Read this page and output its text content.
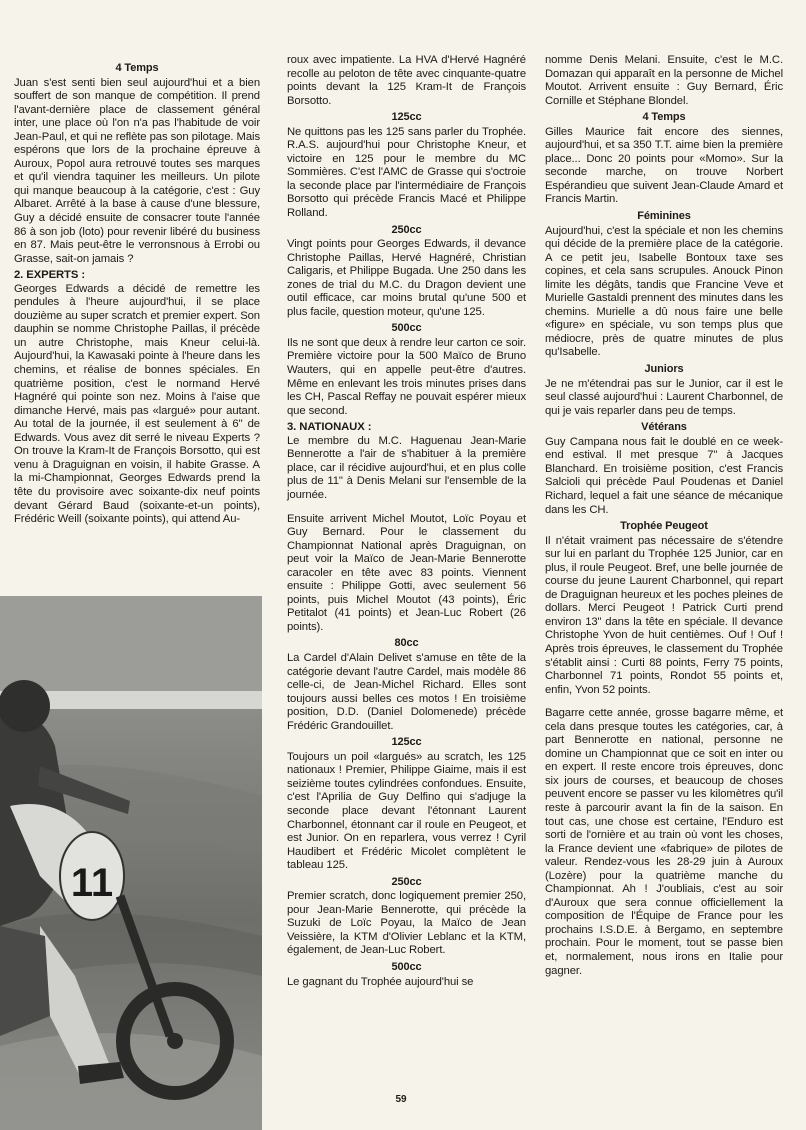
4 Temps

Juan s'est senti bien seul aujourd'hui et a bien souffert de son manque de compétition. Il prend l'avant-dernière place de classement général inter, une place où l'on n'a pas l'habitude de voir Jean-Paul, et qui ne reflète pas son pilotage. Mais espérons que lors de la prochaine épreuve à Auroux, Popol aura retrouvé toutes ses marques et qu'il viendra taquiner les meilleurs. Un pilote qui manque beaucoup à la catégorie, c'est : Guy Albaret. Arrêté à la base à cause d'une blessure, Guy a décidé ensuite de consacrer toute l'année 86 à son job (loto) pour revenir libéré du business en 87. Mais peut-être le verronsnous à Errobi ou Grasse, sait-on jamais ?

2. EXPERTS :

Georges Edwards a décidé de remettre les pendules à l'heure aujourd'hui, il se place douzième au super scratch et premier expert. Son dauphin se nomme Christophe Paillas, il précède un autre Christophe, mais Kneur celui-là. Aujourd'hui, la Kawasaki pointe à l'heure dans les chemins, et réalise de bonnes spéciales. En quatrième position, c'est le normand Hervé Hagnéré qui pointe son nez. Moins à l'aise que dimanche Hervé, mais pas «largué» pour autant. Au total de la journée, il est seulement à 6" de Edwards. Vous avez dit serré le niveau Experts ? On trouve la Kram-It de François Borsotto, qui est venu à Draguignan en voisin, il habite Grasse. A la mi-Championnat, Georges Edwards prend la tête du provisoire avec soixante-dix neuf points devant Gérard Baud (soixante-et-un points), Frédéric Weill (soixante points), qui attend Au-

11

roux avec impatiente. La HVA d'Hervé Hagnéré recolle au peloton de tête avec cinquante-quatre points devant la 125 Kram-It de François Borsotto.

125cc

Ne quittons pas les 125 sans parler du Trophée. R.A.S. aujourd'hui pour Christophe Kneur, et victoire en 125 pour le membre du MC Sommières. C'est l'AMC de Grasse qui s'octroie la seconde place par l'intermédiaire de François Borsotto qui précède Francis Macé et Philippe Rolland.

250cc

Vingt points pour Georges Edwards, il devance Christophe Paillas, Hervé Hagnéré, Christian Caligaris, et Philippe Bugada. Une 250 dans les zones de trial du M.C. du Dragon devient une outil efficace, car moins brutal qu'une 500 et plus facile, question moteur, qu'une 125.

500cc

Ils ne sont que deux à rendre leur carton ce soir. Première victoire pour la 500 Maïco de Bruno Wauters, qui en appelle peut-être d'autres. Même en enlevant les trois minutes prises dans les CH, Pascal Reffay ne pouvait espérer mieux que second.

3. NATIONAUX :

Le membre du M.C. Haguenau Jean-Marie Bennerotte a l'air de s'habituer à la première place, car il récidive aujourd'hui, et en plus colle plus de 11" à Denis Melani sur l'ensemble de la journée.

Ensuite arrivent Michel Moutot, Loïc Poyau et Guy Bernard. Pour le classement du Championnat National après Draguignan, on peut voir la Maïco de Jean-Marie Bennerotte caracoler en tête avec 83 points. Viennent ensuite : Philippe Gotti, avec seulement 56 points, puis Michel Moutot (43 points), Éric Petitalot (41 points) et Jean-Luc Robert (26 points).

80cc

La Cardel d'Alain Delivet s'amuse en tête de la catégorie devant l'autre Cardel, mais modèle 86 celle-ci, de Jean-Michel Richard. Elles sont toujours aussi belles ces motos ! En troisième position, D.D. (Daniel Dolomenede) précède Frédéric Grandouillet.

125cc

Toujours un poil «largués» au scratch, les 125 nationaux ! Premier, Philippe Giaime, mais il est seizième toutes cylindrées confondues. Ensuite, c'est l'Aprilia de Guy Delfino qui s'adjuge la seconde place devant l'étonnant Laurent Charbonnel, étonnant car il roule en Peugeot, et est Junior. On en reparlera, vous verrez ! Cyril Haudibert et Frédéric Micolet complètent le tableau 125.

250cc

Premier scratch, donc logiquement premier 250, pour Jean-Marie Bennerotte, qui précède la Suzuki de Loïc Poyau, la Maïco de Jean Veissière, la KTM d'Olivier Leblanc et la KTM, également, de Jean-Luc Robert.

500cc

Le gagnant du Trophée aujourd'hui se

nomme Denis Melani. Ensuite, c'est le M.C. Domazan qui apparaît en la personne de Michel Moutot. Arrivent ensuite : Guy Bernard, Éric Cornille et Stéphane Blondel.

4 Temps

Gilles Maurice fait encore des siennes, aujourd'hui, et sa 350 T.T. aime bien la première place... Donc 20 points pour «Momo». Sur la seconde marche, on trouve Norbert Espérandieu que suivent Jean-Claude Amard et Francis Martin.

Féminines

Aujourd'hui, c'est la spéciale et non les chemins qui décide de la première place de la catégorie. A ce petit jeu, Isabelle Bontoux taxe ses copines, et cela sans scrupules. Anouck Pinon limite les dégâts, tandis que Francine Veve et Murielle Gastaldi prennent des minutes dans les chemins. Murielle a dû nous faire une belle «figure» en spéciale, vu son temps plus que médiocre, près de quatre minutes de plus qu'Isabelle.

Juniors

Je ne m'étendrai pas sur le Junior, car il est le seul classé aujourd'hui : Laurent Charbonnel, de qui je vais reparler dans peu de temps.

Vétérans

Guy Campana nous fait le doublé en ce week-end estival. Il met presque 7" à Jacques Blanchard. En troisième position, c'est Francis Salcioli qui précède Paul Poudenas et Daniel Richard, lequel a fait une séance de mécanique dans les CH.

Trophée Peugeot

Il n'était vraiment pas nécessaire de s'étendre sur lui en parlant du Trophée 125 Junior, car en plus, il roule Peugeot. Bref, une belle journée de course du jeune Laurent Charbonnel, qui repart de Draguignan heureux et les poches pleines de dollars. Merci Peugeot ! Patrick Curti prend environ 13" dans la tête en spéciale. Il devance Christophe Yvon de huit centièmes. Ouf ! Ouf ! Après trois épreuves, le classement du Trophée s'établit ainsi : Curti 88 points, Ferry 75 points, Charbonnel 71 points, Rondot 55 points et, enfin, Yvon 52 points.

Bagarre cette année, grosse bagarre même, et cela dans presque toutes les catégories, car, à part Bennerotte en national, personne ne domine un Championnat que ce soit en inter ou en expert. Il reste encore trois épreuves, donc six jours de courses, et beaucoup de choses peuvent encore se passer vu les kilomètres qu'il reste à parcourir avant la fin de la saison. En tout cas, une chose est certaine, l'Enduro est sorti de l'ornière et au train où vont les choses, la France devient une «fabrique» de pilotes de valeur. Rendez-vous les 28-29 juin à Auroux (Lozère) pour la quatrième manche du Championnat. Ah ! J'oubliais, c'est au soir d'Auroux que sera connue officiellement la composition de l'Équipe de France pour les prochains I.S.D.E. à Bergamo, en septembre prochain. Pour le moment, tout se passe bien et, normalement, nous irons en Italie pour gagner.

59
